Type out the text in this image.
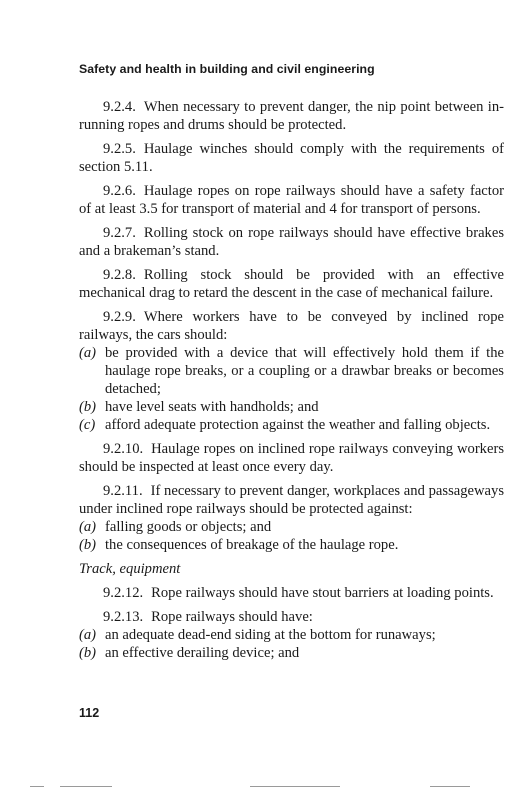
Safety and health in building and civil engineering

9.2.4. When necessary to prevent danger, the nip point between in-running ropes and drums should be protected.

9.2.5. Haulage winches should comply with the requirements of section 5.11.

9.2.6. Haulage ropes on rope railways should have a safety factor of at least 3.5 for transport of material and 4 for transport of persons.

9.2.7. Rolling stock on rope railways should have effective brakes and a brakeman’s stand.

9.2.8. Rolling stock should be provided with an effective mechanical drag to retard the descent in the case of mechanical failure.

9.2.9. Where workers have to be conveyed by inclined rope railways, the cars should:

(a) be provided with a device that will effectively hold them if the haulage rope breaks, or a coupling or a drawbar breaks or becomes detached;
(b) have level seats with handholds; and
(c) afford adequate protection against the weather and falling objects.

9.2.10. Haulage ropes on inclined rope railways conveying workers should be inspected at least once every day.

9.2.11. If necessary to prevent danger, workplaces and passageways under inclined rope railways should be protected against:

(a) falling goods or objects; and
(b) the consequences of breakage of the haulage rope.

Track, equipment

9.2.12. Rope railways should have stout barriers at loading points.

9.2.13. Rope railways should have:

(a) an adequate dead-end siding at the bottom for runaways;
(b) an effective derailing device; and
112
